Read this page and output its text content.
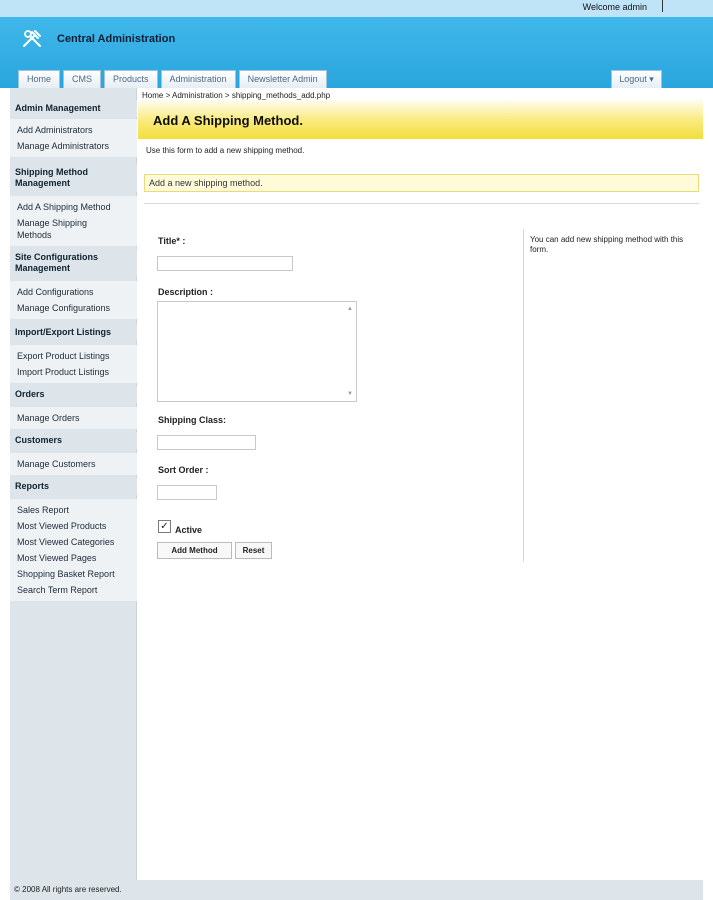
Welcome admin
Central Administration
Home	CMS	Products	Administration	Newsletter Admin	Logout ▾
Admin Management
Add Administrators
Manage Administrators
Shipping Method Management
Add A Shipping Method
Manage Shipping Methods
Site Configurations Management
Add Configurations
Manage Configurations
Import/Export Listings
Export Product Listings
Import Product Listings
Orders
Manage Orders
Customers
Manage Customers
Reports
Sales Report
Most Viewed Products
Most Viewed Categories
Most Viewed Pages
Shopping Basket Report
Search Term Report
Home > Administration > shipping_methods_add.php
Add A Shipping Method.
Use this form to add a new shipping method.
Add a new shipping method.
Title* :
Description :
▲
▼
Shipping Class:
Sort Order :
✓ Active
Add Method	Reset
You can add new shipping method with this form.
© 2008 All rights are reserved.
